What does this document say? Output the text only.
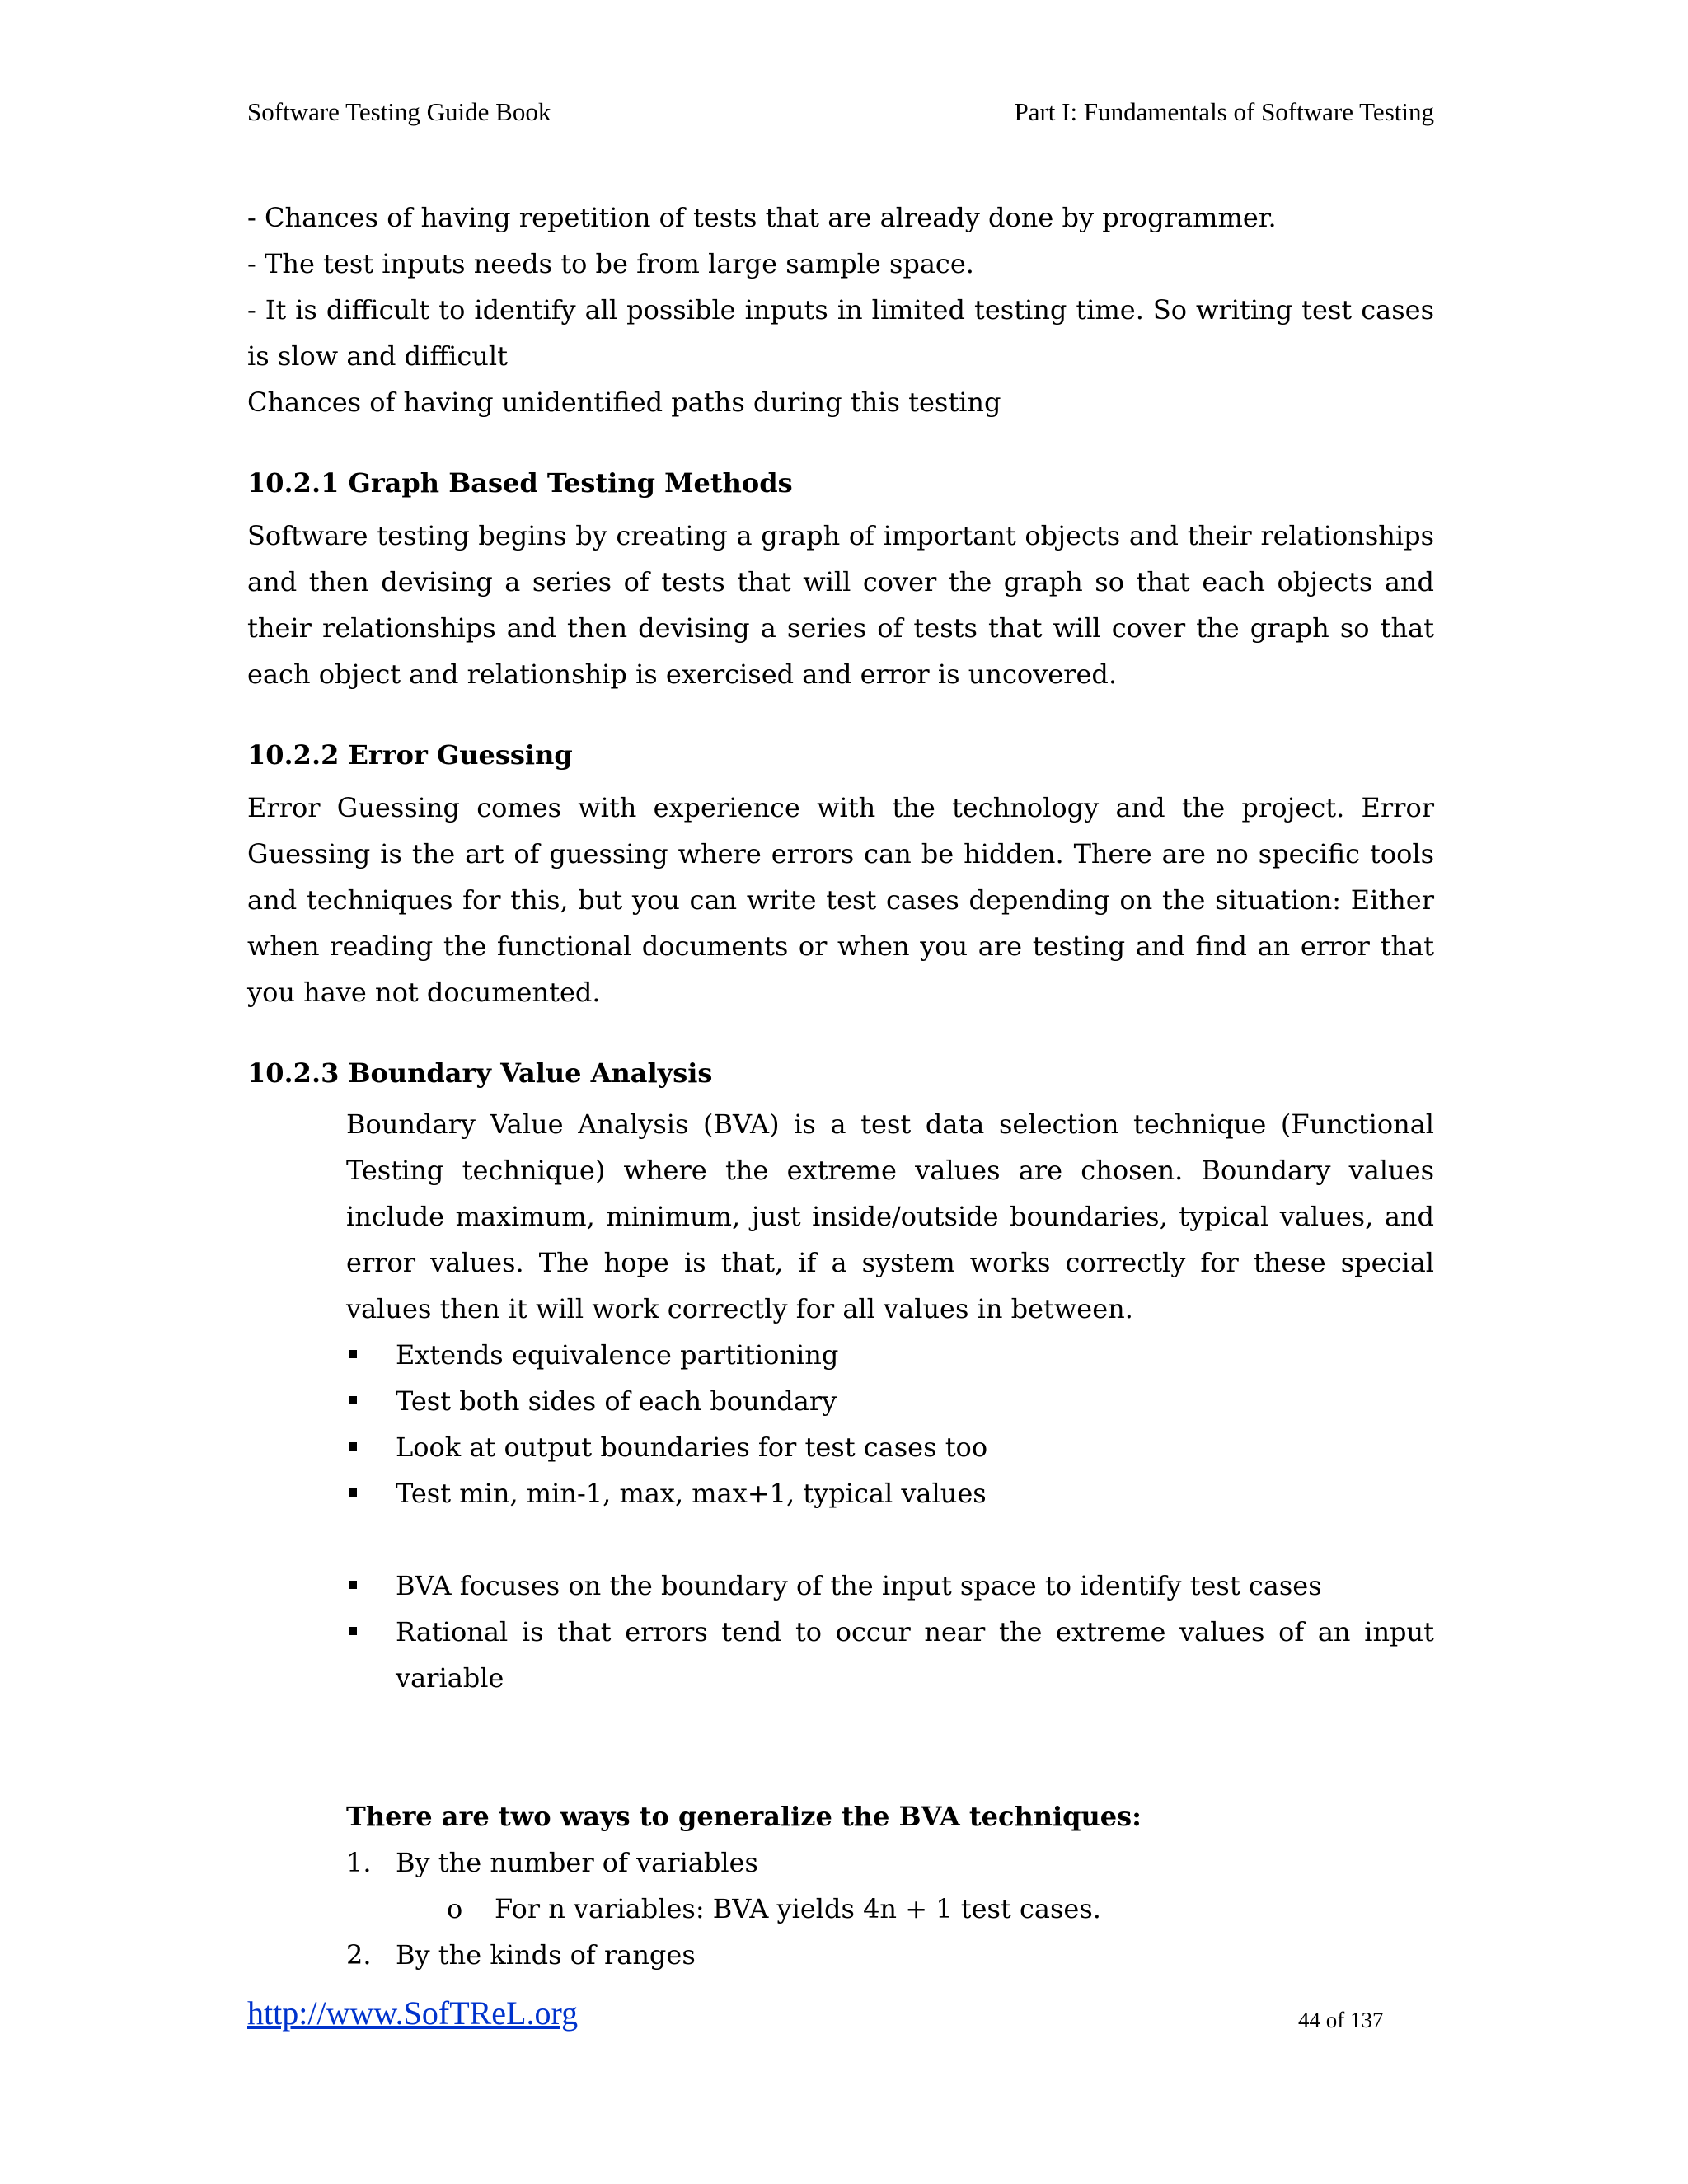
Software Testing Guide Book	Part I: Fundamentals of Software Testing
- Chances of having repetition of tests that are already done by programmer.
- The test inputs needs to be from large sample space.
- It is difficult to identify all possible inputs in limited testing time. So writing test cases is slow and difficult
Chances of having unidentified paths during this testing
10.2.1 Graph Based Testing Methods
Software testing begins by creating a graph of important objects and their relationships and then devising a series of tests that will cover the graph so that each objects and their relationships and then devising a series of tests that will cover the graph so that each object and relationship is exercised and error is uncovered.
10.2.2 Error Guessing
Error Guessing comes with experience with the technology and the project. Error Guessing is the art of guessing where errors can be hidden. There are no specific tools and techniques for this, but you can write test cases depending on the situation: Either when reading the functional documents or when you are testing and find an error that you have not documented.
10.2.3 Boundary Value Analysis
Boundary Value Analysis (BVA) is a test data selection technique (Functional Testing technique) where the extreme values are chosen. Boundary values include maximum, minimum, just inside/outside boundaries, typical values, and error values. The hope is that, if a system works correctly for these special values then it will work correctly for all values in between.
Extends equivalence partitioning
Test both sides of each boundary
Look at output boundaries for test cases too
Test min, min-1, max, max+1, typical values
BVA focuses on the boundary of the input space to identify test cases
Rational is that errors tend to occur near the extreme values of an input variable
There are two ways to generalize the BVA techniques:
1. By the number of variables
o For n variables: BVA yields 4n + 1 test cases.
2. By the kinds of ranges
http://www.SofTReL.org	44 of 137
